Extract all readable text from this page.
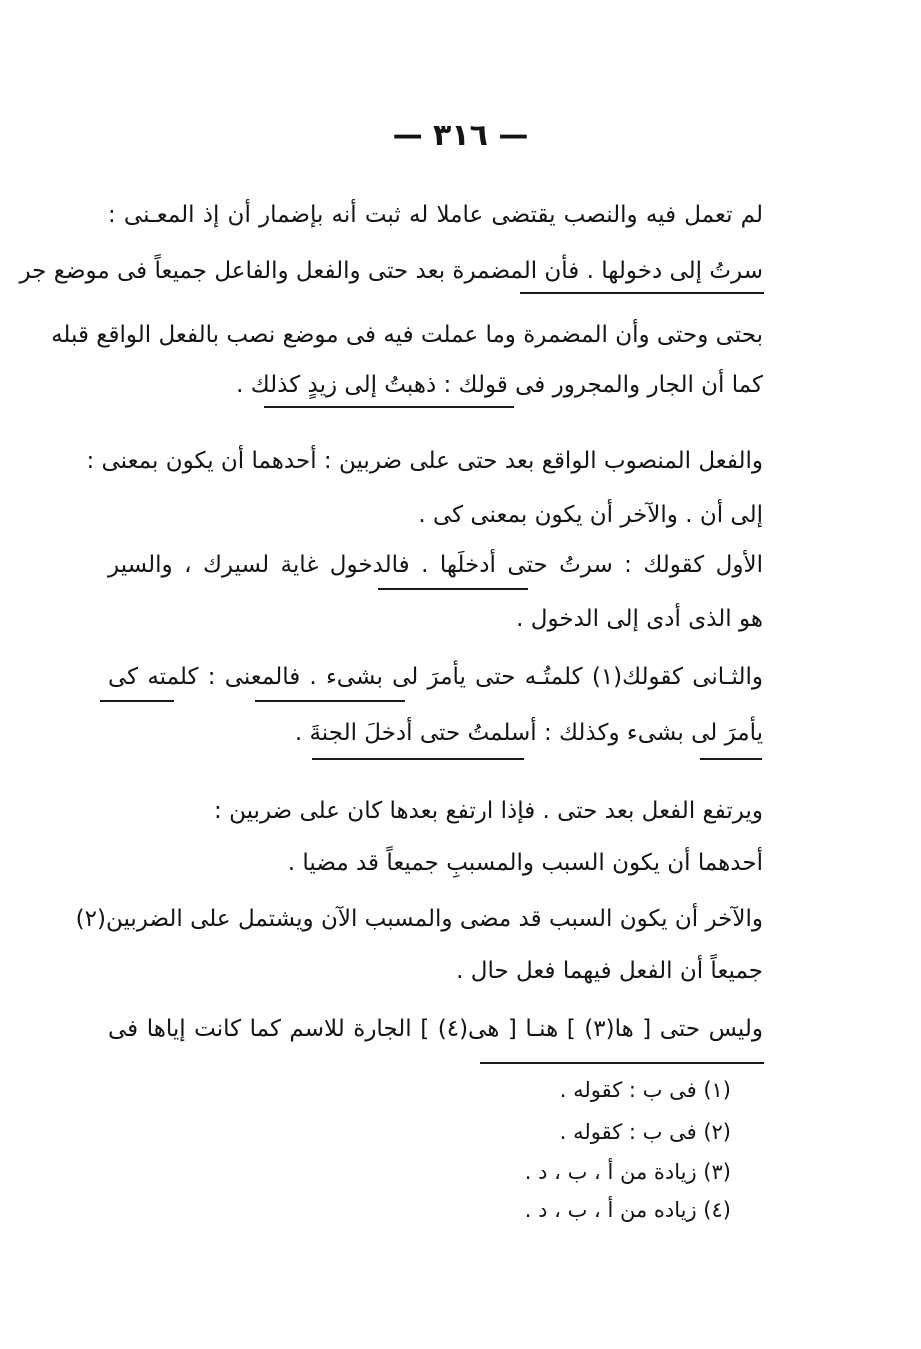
— ٣١٦ —
لم تعمل فيه والنصب يقتضى عاملا له ثبت أنه بإضمار أن إذ المعـنى :
سرتُ إلى دخولها . فأن المضمرة بعد حتى والفعل والفاعل جميعاً فى موضع جر
بحتى وحتى وأن المضمرة وما عملت فيه فى موضع نصب بالفعل الواقع قبله
كما أن الجار والمجرور فى قولك : ذهبتُ إلى زيدٍ كذلك .
والفعل المنصوب الواقع بعد حتى على ضربين : أحدهما أن يكون بمعنى :
إلى أن . والآخر أن يكون بمعنى كى .
الأول كقولك : سرتُ حتى أدخلَها . فالدخول غاية لسيرك ، والسير
هو الذى أدى إلى الدخول .
والثـانى كقولك(١) كلمتُـه حتى يأمرَ لى بشىء . فالمعنى : كلمته كى
يأمرَ لى بشىء وكذلك : أسلمتُ حتى أدخلَ الجنةَ .
ويرتفع الفعل بعد حتى . فإذا ارتفع بعدها كان على ضربين :
أحدهما أن يكون السبب والمسببِ جميعاً قد مضيا .
والآخر أن يكون السبب قد مضى والمسبب الآن ويشتمل على الضربين(٢)
جميعاً أن الفعل فيهما فعل حال .
وليس حتى [ ها(٣) ] هنـا [ هى(٤) ] الجارة للاسم كما كانت إياها فى
(١) فى ب : كقوله .
(٢) فى ب : كقوله .
(٣) زيادة من أ ، ب ، د .
(٤) زياده من أ ، ب ، د .
